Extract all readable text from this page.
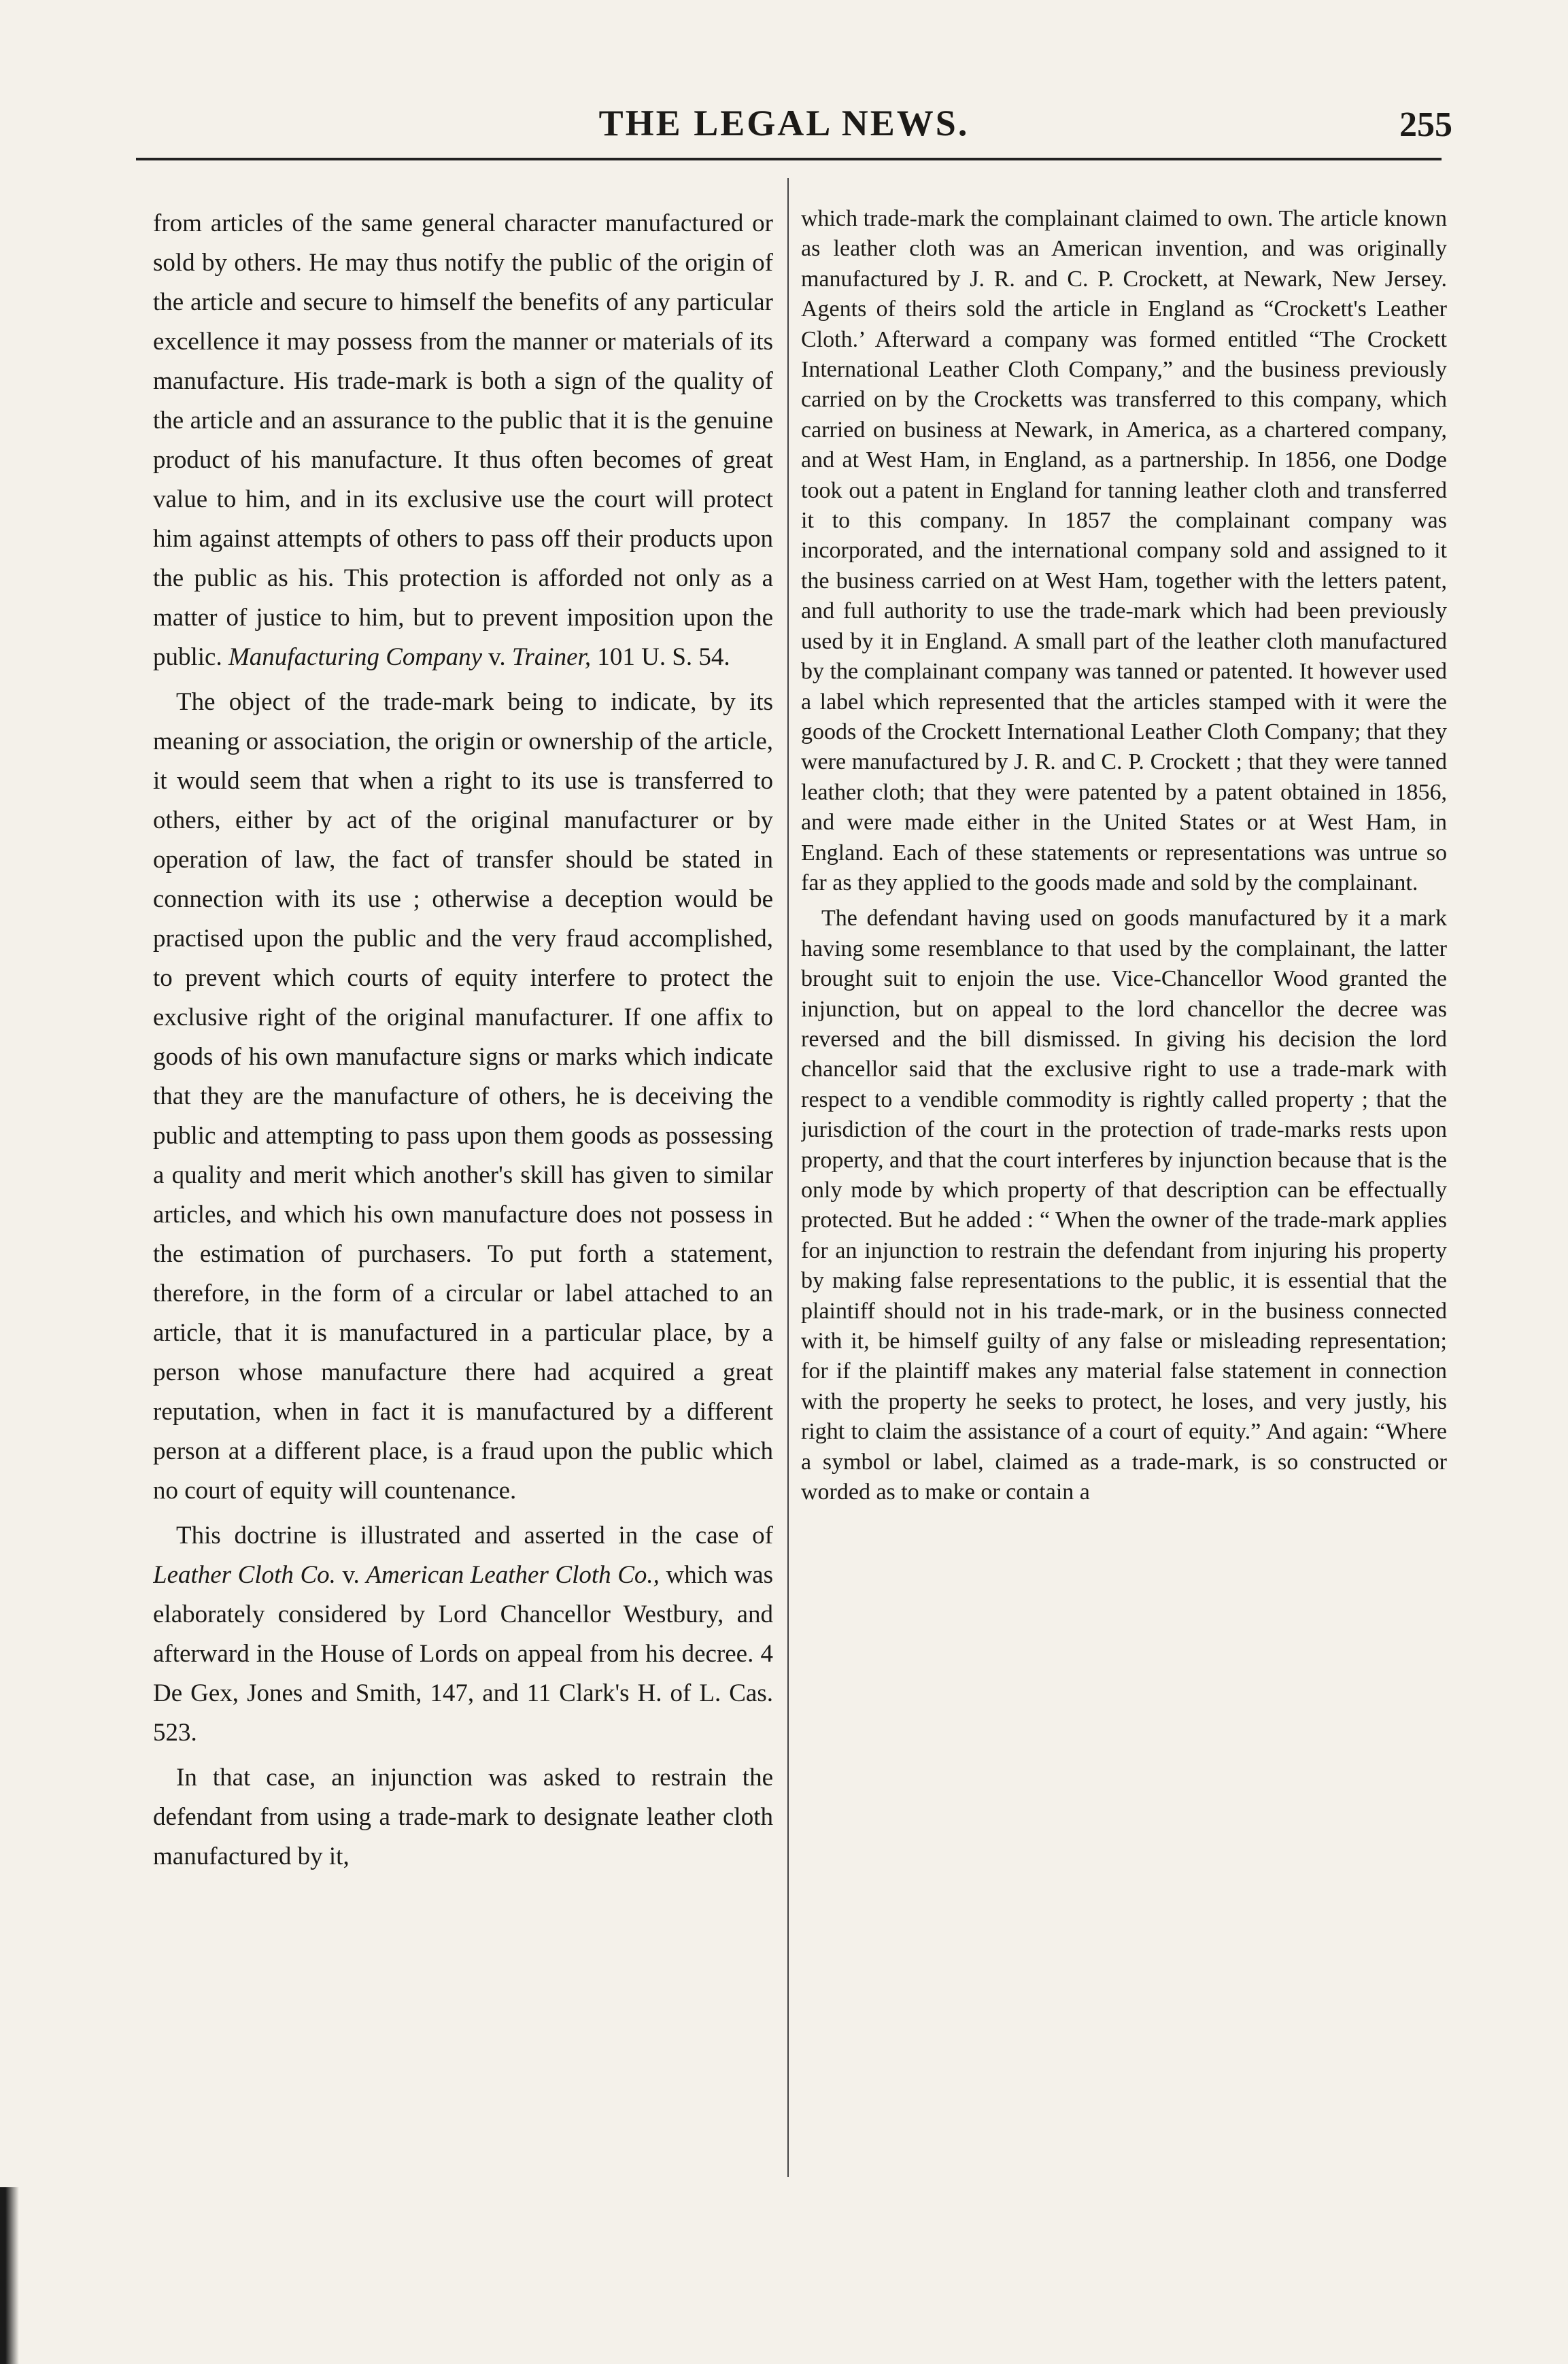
THE LEGAL NEWS.	255

from articles of the same general character manufactured or sold by others. He may thus notify the public of the origin of the article and secure to himself the benefits of any particular excellence it may possess from the manner or materials of its manufacture. His trade-mark is both a sign of the quality of the article and an assurance to the public that it is the genuine product of his manufacture. It thus often becomes of great value to him, and in its exclusive use the court will protect him against attempts of others to pass off their products upon the public as his. This protection is afforded not only as a matter of justice to him, but to prevent imposition upon the public. Manufacturing Company v. Trainer, 101 U. S. 54.

The object of the trade-mark being to indicate, by its meaning or association, the origin or ownership of the article, it would seem that when a right to its use is transferred to others, either by act of the original manufacturer or by operation of law, the fact of transfer should be stated in connection with its use ; otherwise a deception would be practised upon the public and the very fraud accomplished, to prevent which courts of equity interfere to protect the exclusive right of the original manufacturer. If one affix to goods of his own manufacture signs or marks which indicate that they are the manufacture of others, he is deceiving the public and attempting to pass upon them goods as possessing a quality and merit which another's skill has given to similar articles, and which his own manufacture does not possess in the estimation of purchasers. To put forth a statement, therefore, in the form of a circular or label attached to an article, that it is manufactured in a particular place, by a person whose manufacture there had acquired a great reputation, when in fact it is manufactured by a different person at a different place, is a fraud upon the public which no court of equity will countenance.

This doctrine is illustrated and asserted in the case of Leather Cloth Co. v. American Leather Cloth Co., which was elaborately considered by Lord Chancellor Westbury, and afterward in the House of Lords on appeal from his decree. 4 De Gex, Jones and Smith, 147, and 11 Clark's H. of L. Cas. 523.

In that case, an injunction was asked to restrain the defendant from using a trade-mark to designate leather cloth manufactured by it,

which trade-mark the complainant claimed to own. The article known as leather cloth was an American invention, and was originally manufactured by J. R. and C. P. Crockett, at Newark, New Jersey. Agents of theirs sold the article in England as “Crockett's Leather Cloth.’ Afterward a company was formed entitled “The Crockett International Leather Cloth Company,” and the business previously carried on by the Crocketts was transferred to this company, which carried on business at Newark, in America, as a chartered company, and at West Ham, in England, as a partnership. In 1856, one Dodge took out a patent in England for tanning leather cloth and transferred it to this company. In 1857 the complainant company was incorporated, and the international company sold and assigned to it the business carried on at West Ham, together with the letters patent, and full authority to use the trade-mark which had been previously used by it in England. A small part of the leather cloth manufactured by the complainant company was tanned or patented. It however used a label which represented that the articles stamped with it were the goods of the Crockett International Leather Cloth Company; that they were manufactured by J. R. and C. P. Crockett ; that they were tanned leather cloth; that they were patented by a patent obtained in 1856, and were made either in the United States or at West Ham, in England. Each of these statements or representations was untrue so far as they applied to the goods made and sold by the complainant.

The defendant having used on goods manufactured by it a mark having some resemblance to that used by the complainant, the latter brought suit to enjoin the use. Vice-Chancellor Wood granted the injunction, but on appeal to the lord chancellor the decree was reversed and the bill dismissed. In giving his decision the lord chancellor said that the exclusive right to use a trade-mark with respect to a vendible commodity is rightly called property ; that the jurisdiction of the court in the protection of trade-marks rests upon property, and that the court interferes by injunction because that is the only mode by which property of that description can be effectually protected. But he added : “ When the owner of the trade-mark applies for an injunction to restrain the defendant from injuring his property by making false representations to the public, it is essential that the plaintiff should not in his trade-mark, or in the business connected with it, be himself guilty of any false or misleading representation; for if the plaintiff makes any material false statement in connection with the property he seeks to protect, he loses, and very justly, his right to claim the assistance of a court of equity.” And again: “Where a symbol or label, claimed as a trade-mark, is so constructed or worded as to make or contain a
